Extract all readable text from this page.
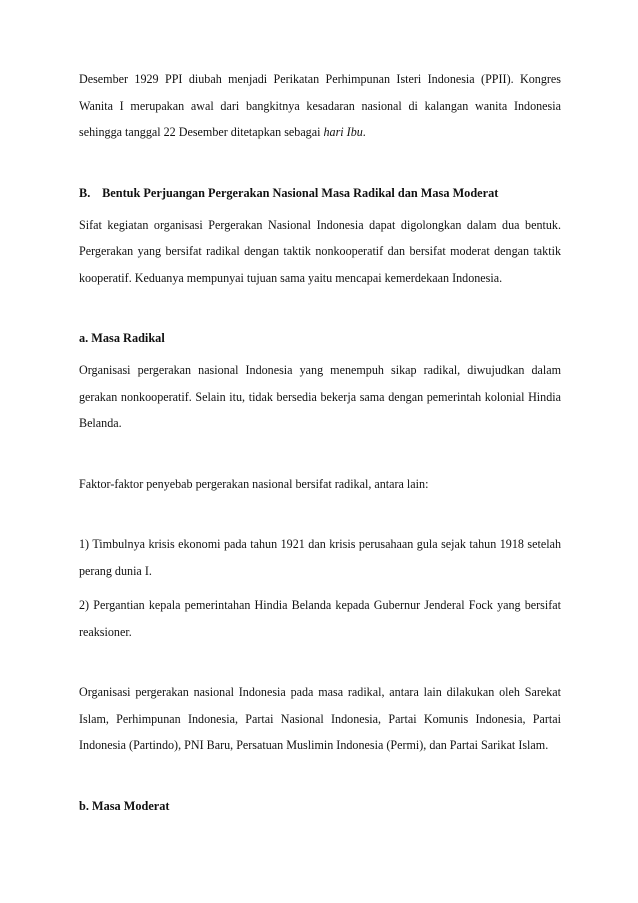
Desember 1929 PPI diubah menjadi Perikatan Perhimpunan Isteri Indonesia (PPII). Kongres Wanita I merupakan awal dari bangkitnya kesadaran nasional di kalangan wanita Indonesia sehingga tanggal 22 Desember ditetapkan sebagai hari Ibu.

B. Bentuk Perjuangan Pergerakan Nasional Masa Radikal dan Masa Moderat

Sifat kegiatan organisasi Pergerakan Nasional Indonesia dapat digolongkan dalam dua bentuk. Pergerakan yang bersifat radikal dengan taktik nonkooperatif dan bersifat moderat dengan taktik kooperatif. Keduanya mempunyai tujuan sama yaitu mencapai kemerdekaan Indonesia.

a. Masa Radikal

Organisasi pergerakan nasional Indonesia yang menempuh sikap radikal, diwujudkan dalam gerakan nonkooperatif. Selain itu, tidak bersedia bekerja sama dengan pemerintah kolonial Hindia Belanda.

Faktor-faktor penyebab pergerakan nasional bersifat radikal, antara lain:

1) Timbulnya krisis ekonomi pada tahun 1921 dan krisis perusahaan gula sejak tahun 1918 setelah perang dunia I.

2) Pergantian kepala pemerintahan Hindia Belanda kepada Gubernur Jenderal Fock yang bersifat reaksioner.

Organisasi pergerakan nasional Indonesia pada masa radikal, antara lain dilakukan oleh Sarekat Islam, Perhimpunan Indonesia, Partai Nasional Indonesia, Partai Komunis Indonesia, Partai Indonesia (Partindo), PNI Baru, Persatuan Muslimin Indonesia (Permi), dan Partai Sarikat Islam.

b. Masa Moderat
